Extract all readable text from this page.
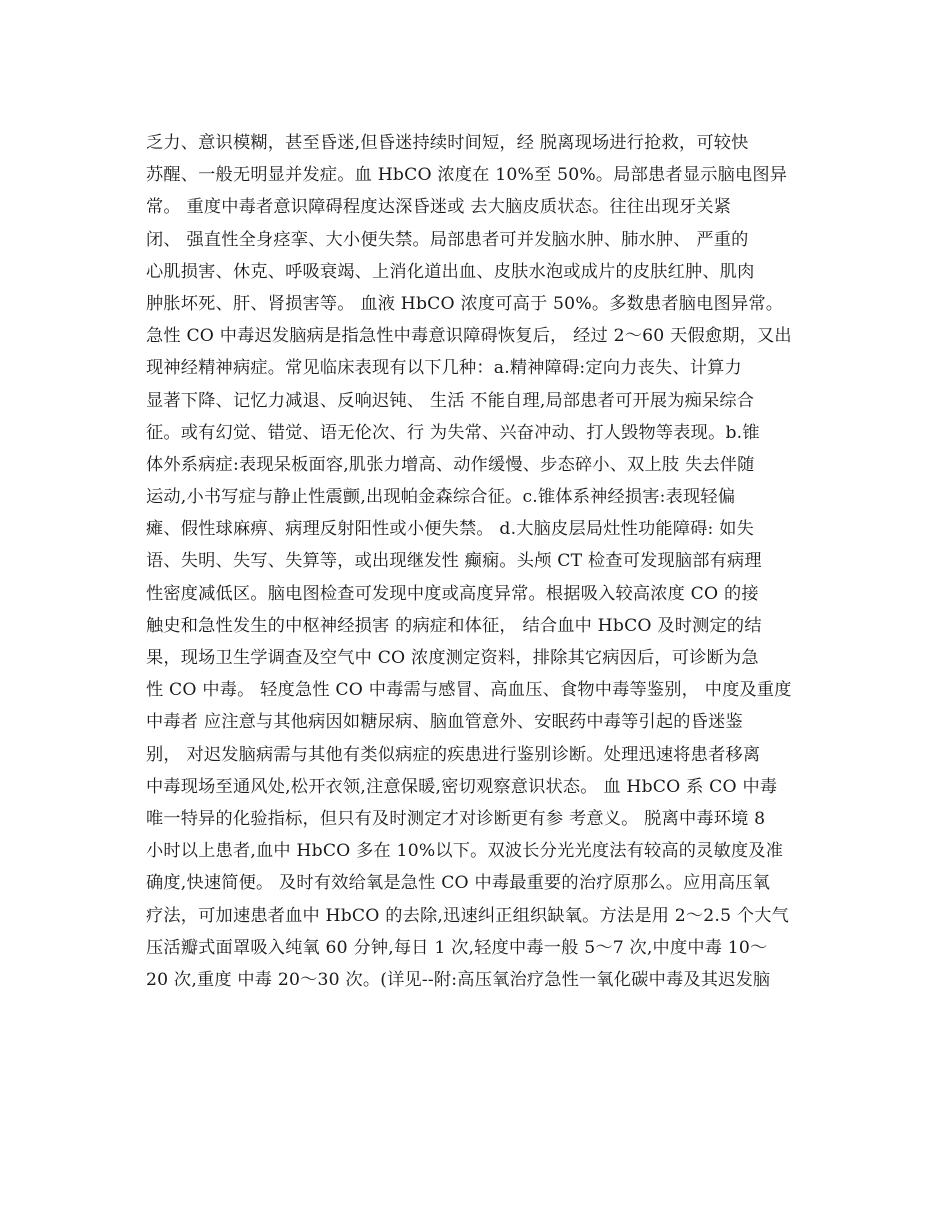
乏力、意识模糊，甚至昏迷,但昏迷持续时间短，经 脱离现场进行抢救，可较快
苏醒、一般无明显并发症。血 HbCO 浓度在 10%至 50%。局部患者显示脑电图异
常。 重度中毒者意识障碍程度达深昏迷或 去大脑皮质状态。往往出现牙关紧
闭、 强直性全身痉挛、大小便失禁。局部患者可并发脑水肿、肺水肿、 严重的
心肌损害、休克、呼吸衰竭、上消化道出血、皮肤水泡或成片的皮肤红肿、肌肉
肿胀坏死、肝、肾损害等。 血液 HbCO 浓度可高于 50%。多数患者脑电图异常。
急性 CO 中毒迟发脑病是指急性中毒意识障碍恢复后， 经过 2～60 天假愈期，又出
现神经精神病症。常见临床表现有以下几种：a.精神障碍:定向力丧失、计算力
显著下降、记忆力减退、反响迟钝、 生活 不能自理,局部患者可开展为痴呆综合
征。或有幻觉、错觉、语无伦次、行 为失常、兴奋冲动、打人毁物等表现。b.锥
体外系病症:表现呆板面容,肌张力增高、动作缓慢、步态碎小、双上肢 失去伴随
运动,小书写症与静止性震颤,出现帕金森综合征。c.锥体系神经损害:表现轻偏
瘫、假性球麻痹、病理反射阳性或小便失禁。 d.大脑皮层局灶性功能障碍: 如失
语、失明、失写、失算等，或出现继发性 癫痫。头颅 CT 检查可发现脑部有病理
性密度减低区。脑电图检查可发现中度或高度异常。根据吸入较高浓度 CO 的接
触史和急性发生的中枢神经损害 的病症和体征， 结合血中 HbCO 及时测定的结
果，现场卫生学调查及空气中 CO 浓度测定资料，排除其它病因后，可诊断为急
性 CO 中毒。 轻度急性 CO 中毒需与感冒、高血压、食物中毒等鉴别， 中度及重度
中毒者 应注意与其他病因如糖尿病、脑血管意外、安眠药中毒等引起的昏迷鉴
别， 对迟发脑病需与其他有类似病症的疾患进行鉴别诊断。处理迅速将患者移离
中毒现场至通风处,松开衣领,注意保暖,密切观察意识状态。 血 HbCO 系 CO 中毒
唯一特异的化验指标，但只有及时测定才对诊断更有参 考意义。 脱离中毒环境 8
小时以上患者,血中 HbCO 多在 10%以下。双波长分光光度法有较高的灵敏度及准
确度,快速简便。 及时有效给氧是急性 CO 中毒最重要的治疗原那么。应用高压氧
疗法，可加速患者血中 HbCO 的去除,迅速纠正组织缺氧。方法是用 2～2.5 个大气
压活瓣式面罩吸入纯氧 60 分钟,每日 1 次,轻度中毒一般 5～7 次,中度中毒 10～
20 次,重度 中毒 20～30 次。(详见--附:高压氧治疗急性一氧化碳中毒及其迟发脑
